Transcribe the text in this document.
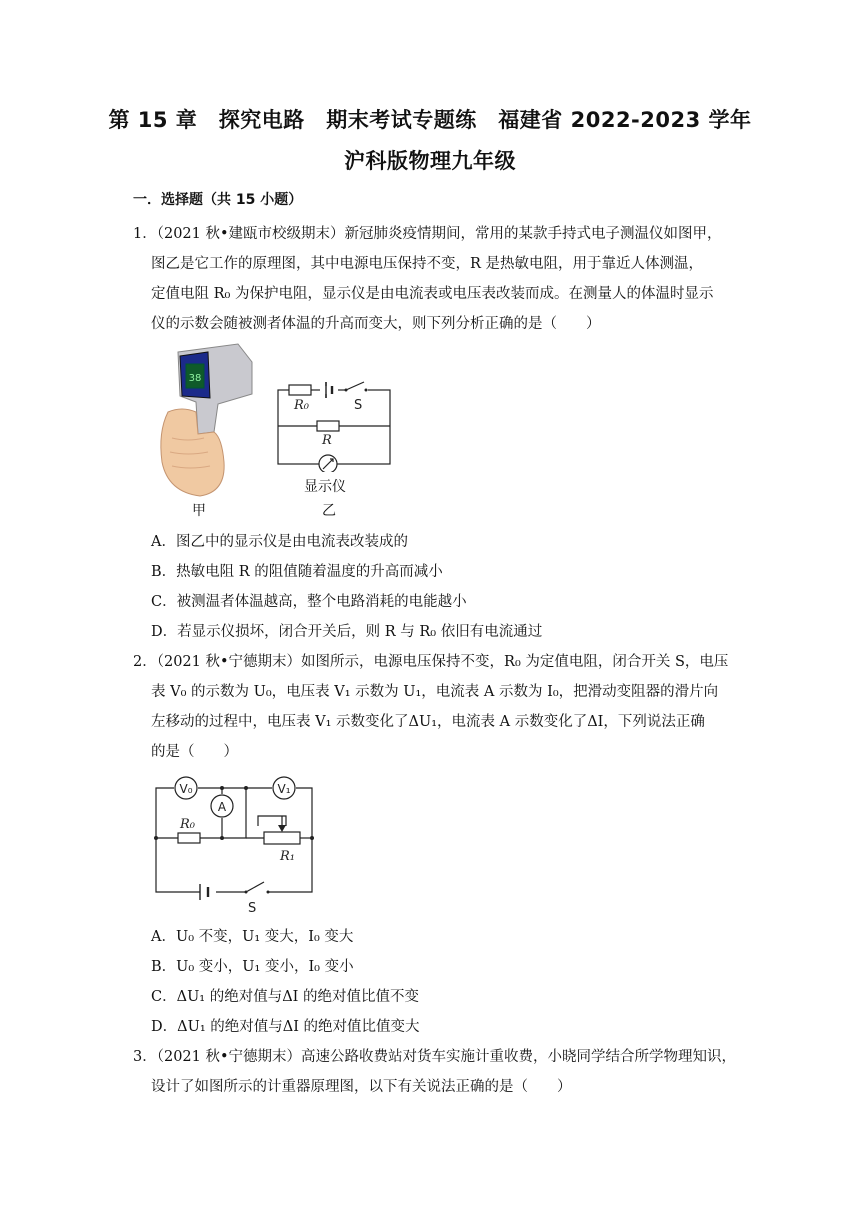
第 15 章　探究电路　期末考试专题练　福建省 2022-2023 学年
沪科版物理九年级
一．选择题（共 15 小题）
1．（2021 秋•建瓯市校级期末）新冠肺炎疫情期间，常用的某款手持式电子测温仪如图甲，
图乙是它工作的原理图，其中电源电压保持不变，R 是热敏电阻，用于靠近人体测温，
定值电阻 R₀ 为保护电阻，显示仪是由电流表或电压表改装而成。在测量人的体温时显示
仪的示数会随被测者体温的升高而变大，则下列分析正确的是（　　）
38
甲
R₀	S
R
显示仪
乙
A．图乙中的显示仪是由电流表改装成的
B．热敏电阻 R 的阻值随着温度的升高而减小
C．被测温者体温越高，整个电路消耗的电能越小
D．若显示仪损坏，闭合开关后，则 R 与 R₀ 依旧有电流通过
2．（2021 秋•宁德期末）如图所示，电源电压保持不变，R₀ 为定值电阻，闭合开关 S，电压
表 V₀ 的示数为 U₀，电压表 V₁ 示数为 U₁，电流表 A 示数为 I₀，把滑动变阻器的滑片向
左移动的过程中，电压表 V₁ 示数变化了ΔU₁，电流表 A 示数变化了ΔI，下列说法正确
的是（　　）
V₀
A
V₁
R₀
R₁
S
A．U₀ 不变，U₁ 变大，I₀ 变大
B．U₀ 变小，U₁ 变小，I₀ 变小
C．ΔU₁ 的绝对值与ΔI 的绝对值比值不变
D．ΔU₁ 的绝对值与ΔI 的绝对值比值变大
3．（2021 秋•宁德期末）高速公路收费站对货车实施计重收费，小晓同学结合所学物理知识，
设计了如图所示的计重器原理图，以下有关说法正确的是（　　）
